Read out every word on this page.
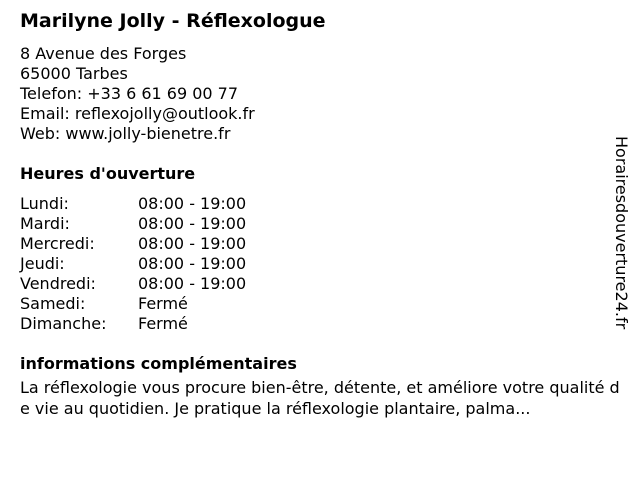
Marilyne Jolly - Réflexologue
8 Avenue des Forges
65000 Tarbes
Telefon: +33 6 61 69 00 77
Email: reflexojolly@outlook.fr
Web: www.jolly-bienetre.fr
Heures d'ouverture
Lundi:	08:00 - 19:00
Mardi:	08:00 - 19:00
Mercredi:	08:00 - 19:00
Jeudi:	08:00 - 19:00
Vendredi:	08:00 - 19:00
Samedi:	Fermé
Dimanche:	Fermé
informations complémentaires

La réflexologie vous procure bien-être, détente, et améliore votre qualité de vie au quotidien. Je pratique la réflexologie plantaire, palma...

Horairesdouverture24.fr
